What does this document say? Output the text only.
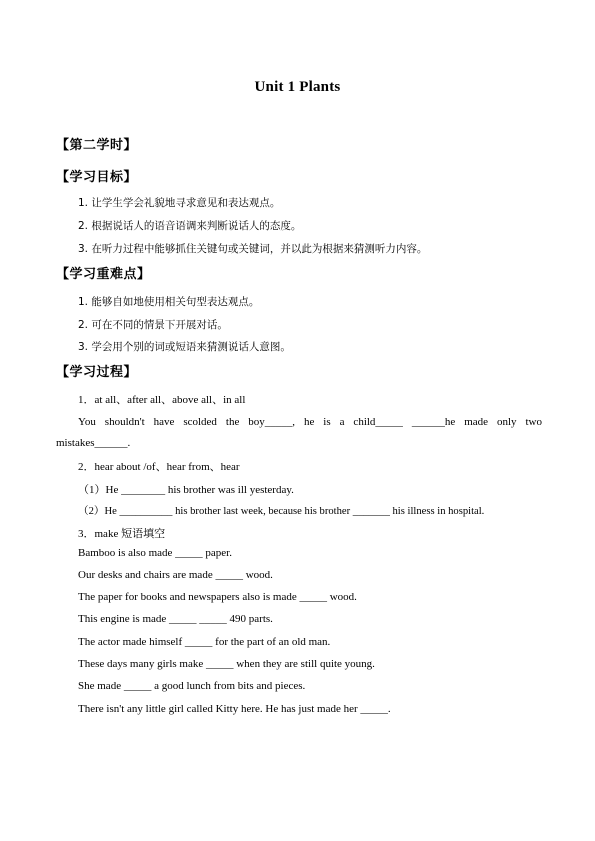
Unit 1 Plants
【第二学时】
【学习目标】
1. 让学生学会礼貌地寻求意见和表达观点。
2. 根据说话人的语音语调来判断说话人的态度。
3. 在听力过程中能够抓住关键句或关键词，并以此为根据来猜测听力内容。
【学习重难点】
1. 能够自如地使用相关句型表达观点。
2. 可在不同的情景下开展对话。
3. 学会用个别的词或短语来猜测说话人意图。
【学习过程】
1．at all、after all、above all、in all
You shouldn't have scolded the boy_____, he is a child_____ ______he made only two
mistakes______.
2．hear about /of、hear from、hear
（1）He ________ his brother was ill yesterday.
（2）He __________ his brother last week, because his brother _______ his illness in hospital.
3．make 短语填空
Bamboo is also made _____ paper.
Our desks and chairs are made _____ wood.
The paper for books and newspapers also is made _____ wood.
This engine is made _____ _____ 490 parts.
The actor made himself _____ for the part of an old man.
These days many girls make _____ when they are still quite young.
She made _____ a good lunch from bits and pieces.
There isn't any little girl called Kitty here. He has just made her _____.
